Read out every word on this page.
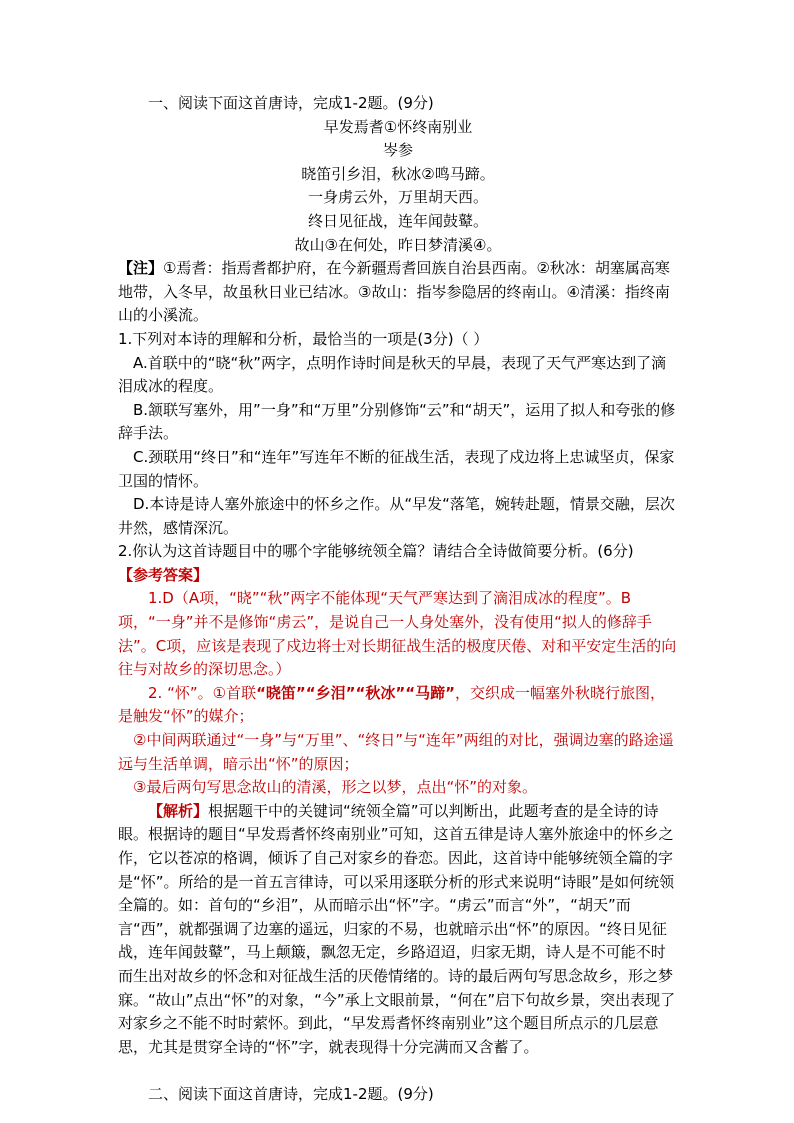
一、阅读下面这首唐诗，完成1-2题。(9分)

早发焉耆①怀终南别业

岑参

晓笛引乡泪，秋冰②鸣马蹄。

一身虏云外，万里胡天西。

终日见征战，连年闻鼓鼙。

故山③在何处，昨日梦清溪④。

【注】①焉耆：指焉耆都护府，在今新疆焉耆回族自治县西南。②秋冰：胡塞属高寒地带，入冬早，故虽秋日业已结冰。③故山：指岑参隐居的终南山。④清溪：指终南山的小溪流。

1.下列对本诗的理解和分析，最恰当的一项是(3分)（ ）

A.首联中的“晓“秋”两字，点明作诗时间是秋天的早晨，表现了天气严寒达到了滴泪成冰的程度。

B.颔联写塞外，用”一身”和“万里”分别修饰“云”和“胡天”，运用了拟人和夸张的修辞手法。

C.颈联用“终日”和“连年”写连年不断的征战生活，表现了戍边将上忠诚坚贞，保家卫国的情怀。

D.本诗是诗人塞外旅途中的怀乡之作。从“早发“落笔，婉转赴题，情景交融，层次井然，感情深沉。

2.你认为这首诗题目中的哪个字能够统领全篇？请结合全诗做简要分析。(6分)

【参考答案】

1.D（A项，“晓”“秋”两字不能体现“天气严寒达到了滴泪成冰的程度”。B项，“一身”并不是修饰“虏云”，是说自己一人身处塞外，没有使用“拟人的修辞手法”。C项，应该是表现了戍边将士对长期征战生活的极度厌倦、对和平安定生活的向往与对故乡的深切思念。）

2. “怀”。①首联“晓笛”“乡泪”“秋冰”“马蹄”，交织成一幅塞外秋晓行旅图，是触发“怀”的媒介；

②中间两联通过“一身”与“万里”、“终日”与“连年”两组的对比，强调边塞的路途遥远与生活单调，暗示出“怀”的原因；

③最后两句写思念故山的清溪，形之以梦，点出“怀”的对象。

【解析】根据题干中的关键词“统领全篇”可以判断出，此题考查的是全诗的诗眼。根据诗的题目“早发焉耆怀终南别业”可知，这首五律是诗人塞外旅途中的怀乡之作，它以苍凉的格调，倾诉了自己对家乡的眷恋。因此，这首诗中能够统领全篇的字是“怀”。所给的是一首五言律诗，可以采用逐联分析的形式来说明“诗眼”是如何统领全篇的。如：首句的“乡泪”，从而暗示出“怀”字。“虏云”而言“外”，“胡天”而言“西”，就都强调了边塞的遥远，归家的不易，也就暗示出“怀”的原因。“终日见征战，连年闻鼓鼙”，马上颠簸，飘忽无定，乡路迢迢，归家无期，诗人是不可能不时而生出对故乡的怀念和对征战生活的厌倦情绪的。诗的最后两句写思念故乡，形之梦寐。“故山”点出“怀”的对象，“今”承上文眼前景，“何在”启下句故乡景，突出表现了对家乡之不能不时时萦怀。到此，“早发焉耆怀终南别业”这个题目所点示的几层意思，尤其是贯穿全诗的“怀”字，就表现得十分完满而又含蓄了。

二、阅读下面这首唐诗，完成1-2题。(9分)
